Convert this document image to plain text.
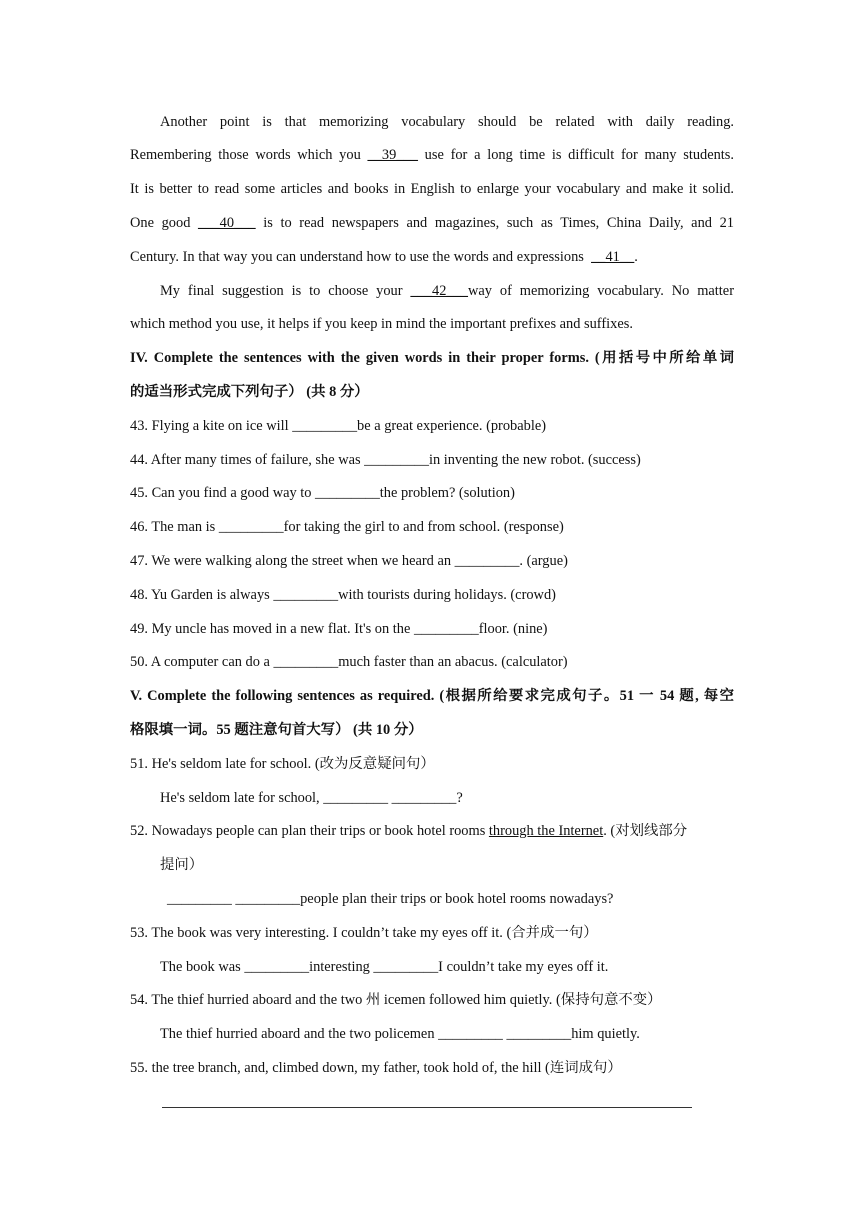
Another point is that memorizing vocabulary should be related with daily reading.
Remembering those words which you __39___ use for a long time is difficult for many students.
It is better to read some articles and books in English to enlarge your vocabulary and make it solid.
One good ___40___ is to read newspapers and magazines, such as Times, China Daily, and 21
Century. In that way you can understand how to use the words and expressions __41__.
My final suggestion is to choose your ___42___way of memorizing vocabulary. No matter
which method you use, it helps if you keep in mind the important prefixes and suffixes.
IV. Complete the sentences with the given words in their proper forms. (用括号中所给单词
的适当形式完成下列句子） (共 8 分）
43. Flying a kite on ice will _________be a great experience. (probable)
44. After many times of failure, she was _________in inventing the new robot. (success)
45. Can you find a good way to _________the problem? (solution)
46. The man is _________for taking the girl to and from school. (response)
47. We were walking along the street when we heard an _________. (argue)
48. Yu Garden is always _________with tourists during holidays. (crowd)
49. My uncle has moved in a new flat. It's on the _________floor. (nine)
50. A computer can do a _________much faster than an abacus. (calculator)
V. Complete the following sentences as required. (根据所给要求完成句子。51 一 54 题, 每空
格限填一词。55 题注意句首大写） (共 10 分）
51. He's seldom late for school. (改为反意疑问句）
He's seldom late for school, _________ _________?
52. Nowadays people can plan their trips or book hotel rooms through the Internet. (对划线部分
提问）
_________ _________people plan their trips or book hotel rooms nowadays?
53. The book was very interesting. I couldn’t take my eyes off it. (合并成一句）
The book was _________interesting _________I couldn’t take my eyes off it.
54. The thief hurried aboard and the two 州 icemen followed him quietly. (保持句意不变）
The thief hurried aboard and the two policemen _________ _________him quietly.
55. the tree branch, and, climbed down, my father, took hold of, the hill (连词成句）
